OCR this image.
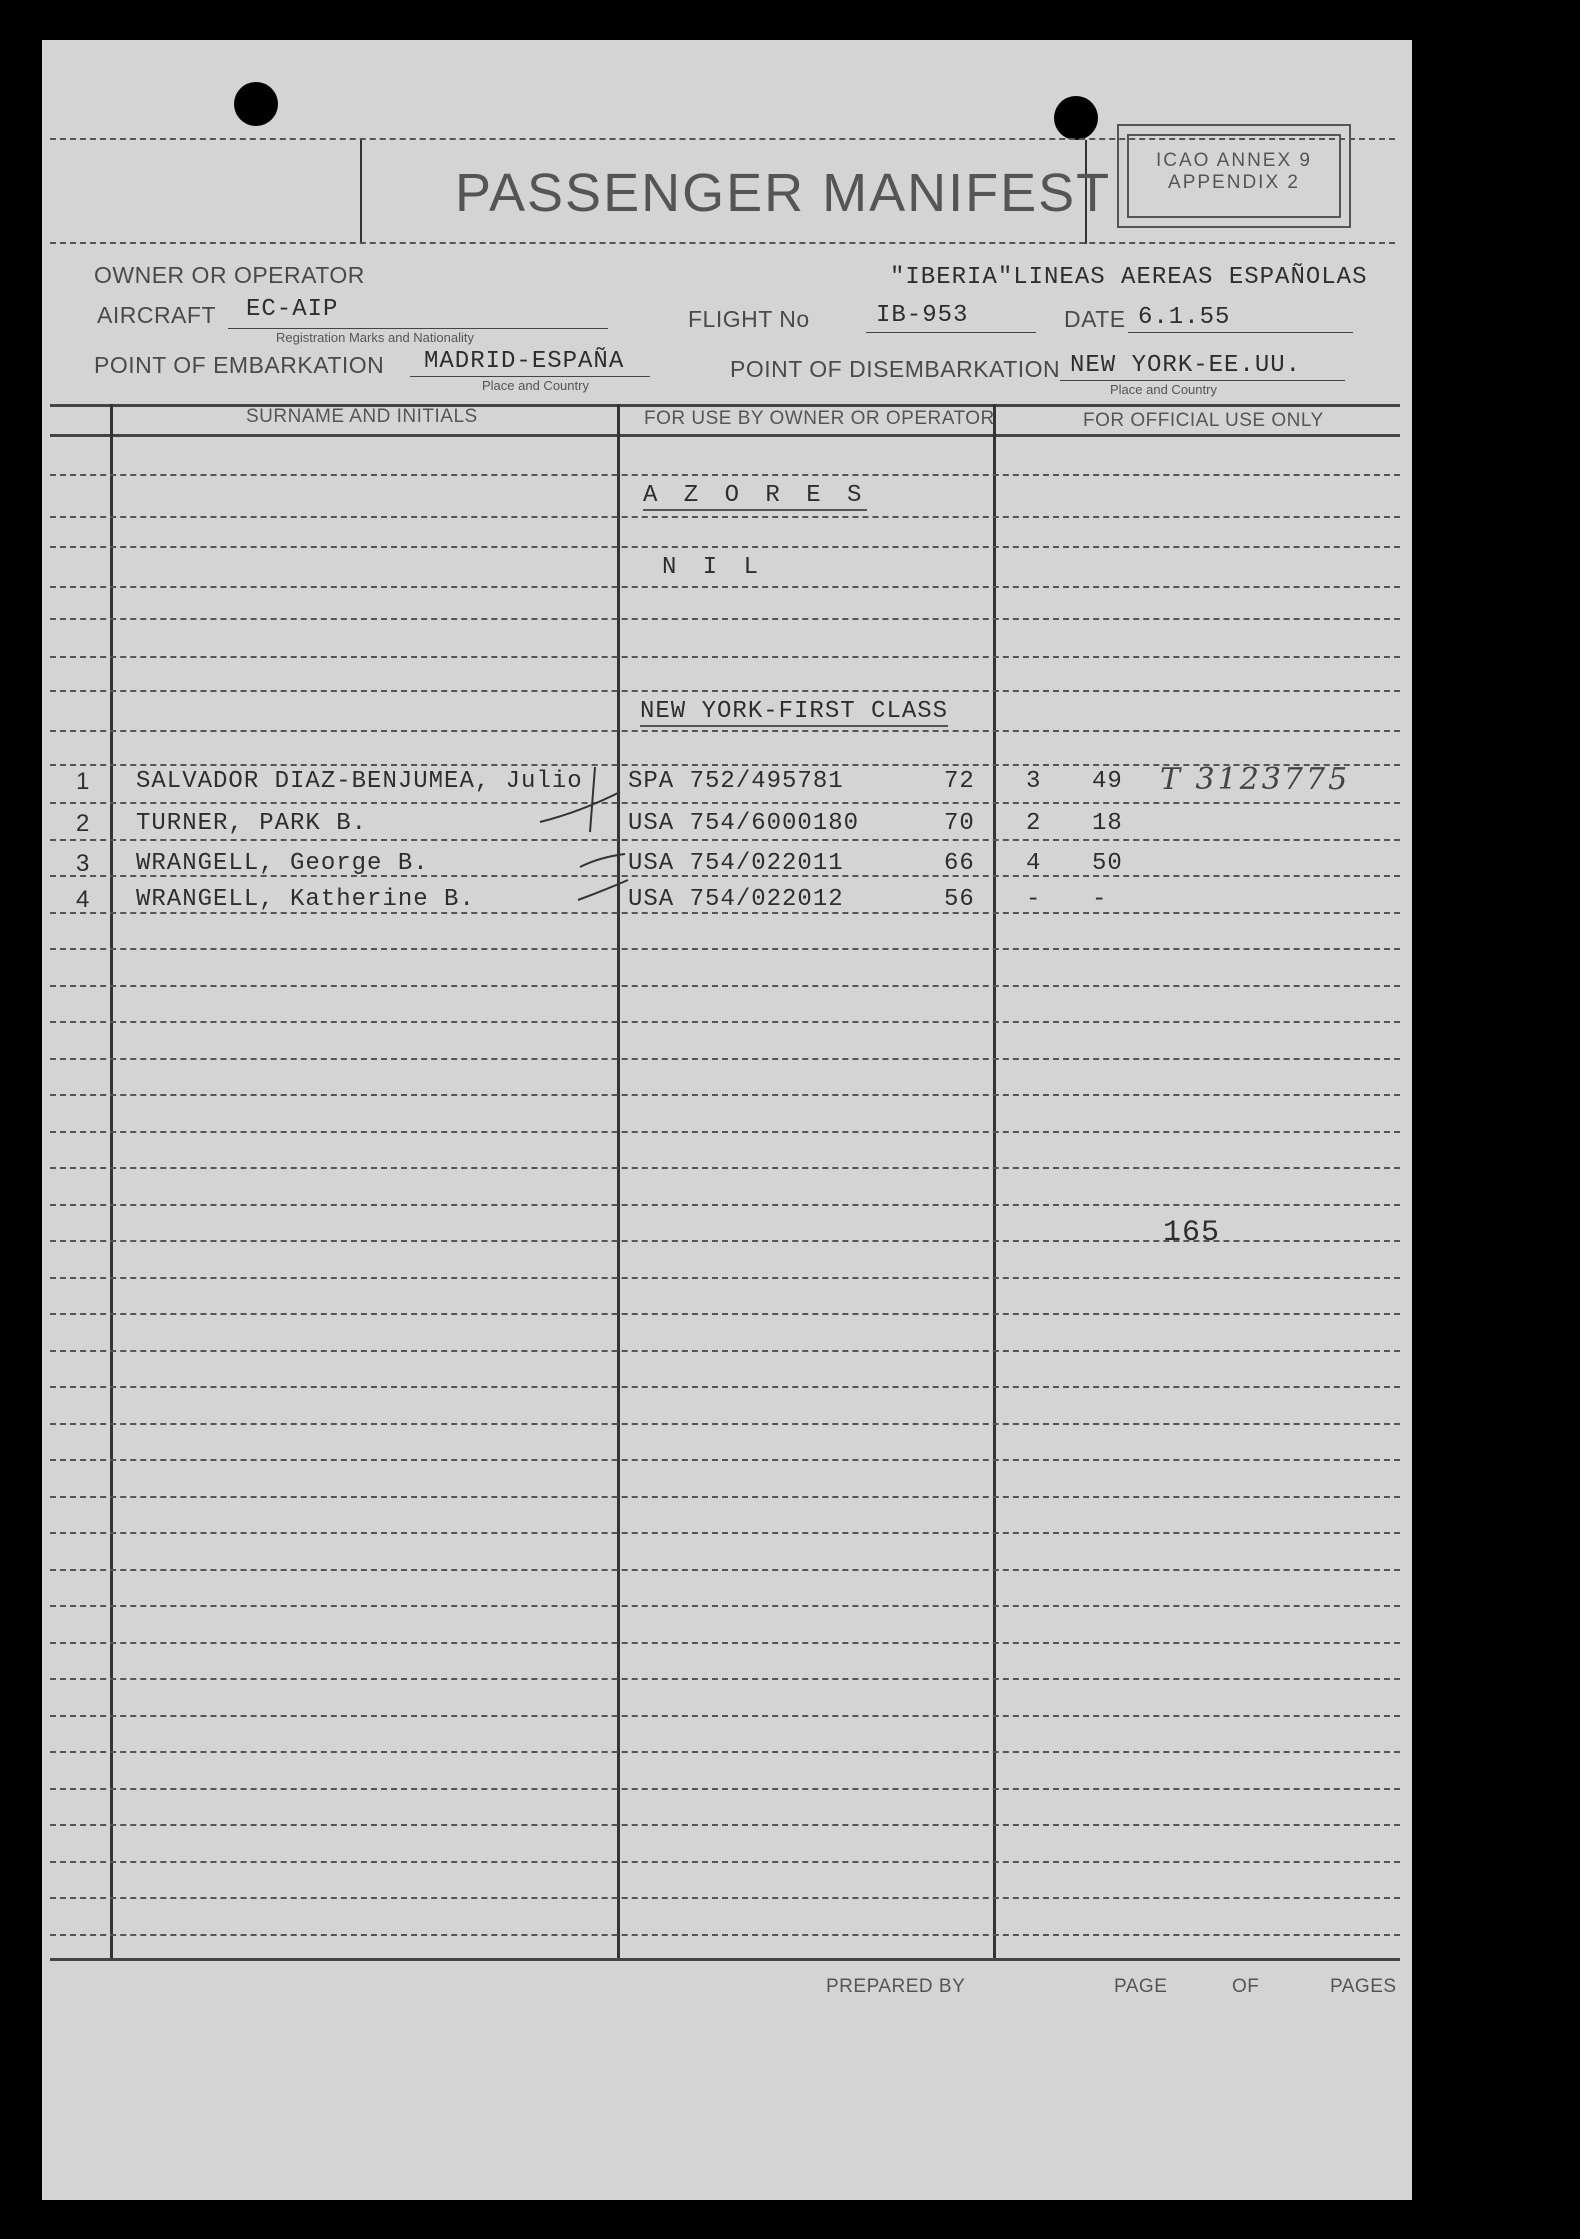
PASSENGER MANIFEST
ICAO ANNEX 9
APPENDIX 2
OWNER OR OPERATOR	"IBERIA"LINEAS AEREAS ESPAÑOLAS
AIRCRAFT EC-AIP
Registration Marks and Nationality
FLIGHT No	IB-953	DATE 6.1.55
POINT OF EMBARKATION MADRID-ESPAÑA
Place and Country
POINT OF DISEMBARKATION NEW YORK-EE.UU.
Place and Country
SURNAME AND INITIALS	FOR USE BY OWNER OR OPERATOR	FOR OFFICIAL USE ONLY
A Z O R E S
N I L
NEW YORK-FIRST CLASS
1 SALVADOR DIAZ-BENJUMEA, Julio SPA 752/495781	72 3 49
2 TURNER, PARK B.	USA 754/6000180	70 2 18
3 WRANGELL, George B.	USA 754/022011	66 4 50
4 WRANGELL, Katherine B.	USA 754/022012	56 - -
T 3123775
165
PREPARED BY	PAGE	OF	PAGES
